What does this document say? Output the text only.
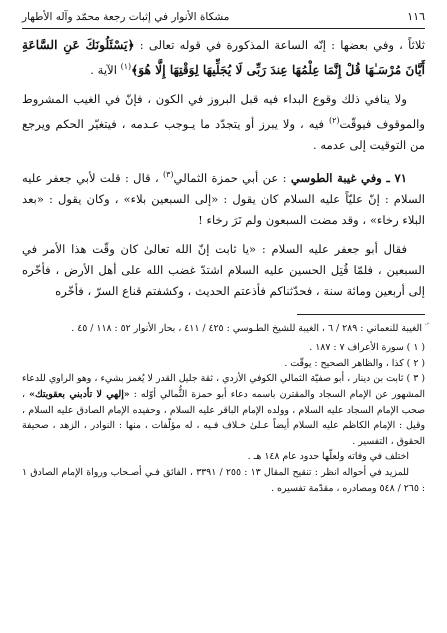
١١٦
مشكاة الأنوار في إثبات رجعة محمّد وآله الأطهار

ثلاثاً ، وفي بعضها : إنّه الساعة المذكورة في قوله تعالى : ﴿يَسْئَلُونَكَ عَنِ السَّاعَةِ أَيَّانَ مُرْسَـٰهَا قُلْ إِنَّمَا عِلْمُهَا عِندَ رَبِّى لَا يُجَلِّيهَا لِوَقْتِهَا إِلَّا هُوَ﴾$^{(١)}$ الآية .

ولا ينافي ذلك وقوع البداء فيه قبل البروز في الكون ، فإنّ في الغيب المشروط والموقوف فيوقّت$^{(٢)}$ فيه ، ولا يبرز أو يتجدّد ما يـوجب عـدمه ، فيتغيّر الحكم ويرجع من التوقيت إلى عدمه .

٧١ ـ وفي غيبة الطوسي : عن أبي حمزة الثمالي$^{(٣)}$ ، قال : قلت لأبي جعفر عليه السلام : إنّ عليّاً عليه السلام كان يقول : «إلى السبعين بلاء» ، وكان يقول : «بعد البلاء رخاء» ، وقد مضت السبعون ولم نَرَ رخاء !

فقال أبو جعفر عليه السلام : «يا ثابت إنّ الله تعالىٰ كان وقّت هذا الأمر في السبعين ، فلمّا قُتِل الحسين عليه السلام اشتدّ غضب الله على أهل الأرض ، فأخّره إلى أربعين ومائة سنة ، فحدّثناكم فأذعتم الحديث ، وكشفتم قناع السرّ ، فأخّره

ۜ الغيبة للنعماني : ٢٨٩ / ٦ ، الغيبة للشيخ الطـوسي : ٤٢٥ / ٤١١ ، بحار الأنوار ٥٢ : ١١٨ / ٤٥ .

( ١ ) سورة الأعراف ٧ : ١٨٧ .

( ٢ ) كذا ، والظاهر الصحيح : يوقّت .

( ٣ ) ثابت بن دينار ، أبو صفيّة الثمالي الكوفي الأزدي ، ثقة جليل القدر لا يُغمز بشيء ، وهو الراوي للدعاء المشهور عن الإمام السجاد والمقترن باسمه دعاء أبو حمزة الثُّمالي أوّله : «إلهي لا تأدبني بعقوبتك» ، صحب الإمام السجاد عليه السلام ، وولده الإمام الباقر عليه السلام ، وحفيده الإمام الصادق عليه السلام ، وقيل : الإمام الكاظم عليه السلام أيضاً عـلىٰ خـلاف فـيه ، له مؤلّفات ، منها : النوادر ، الزهد ، صحيفة الحقوق ، التفسير .

اختلف في وفاته ولعلّها حدود عام ١٤٨ هـ .

للمزيد في أحواله انظر : تنقيح المقال ١٣ : ٢٥٥ / ٣٣٩١ ، الفائق فـي أصـحاب ورواة الإمام الصادق ١ : ٢٦٥ / ٥٤٨ ومصادره ، مقدّمة تفسيره .
